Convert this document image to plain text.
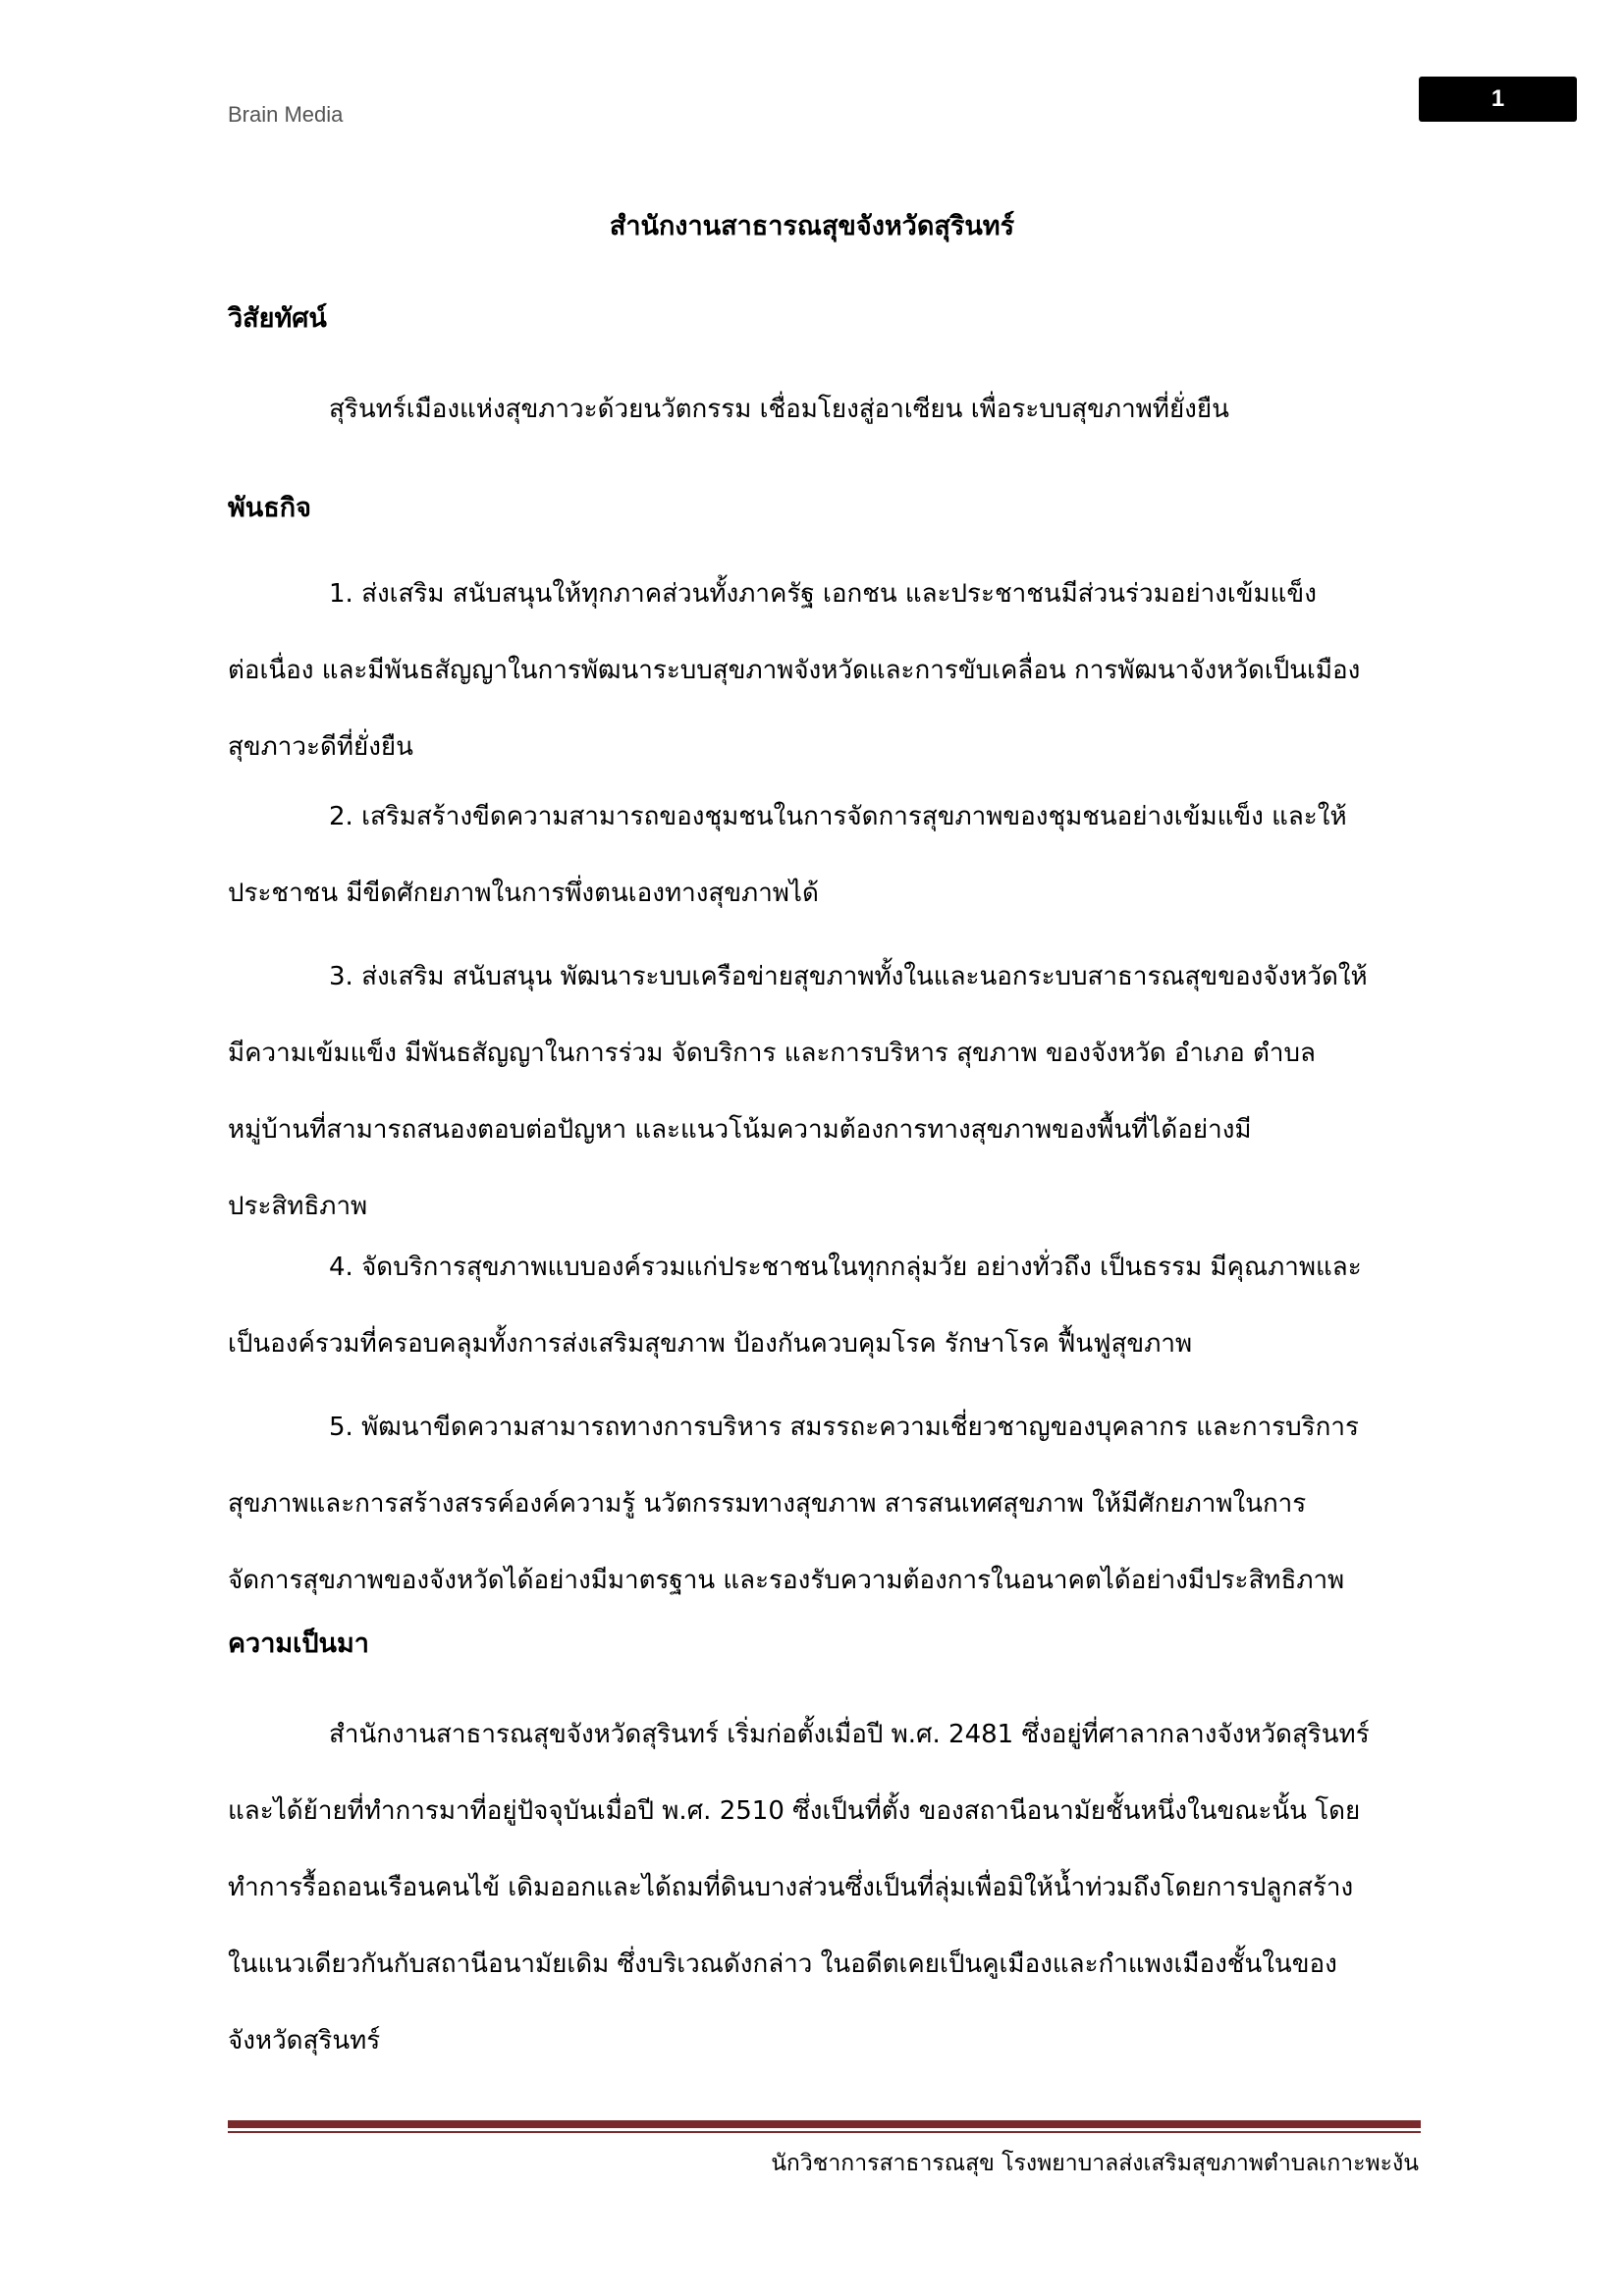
Brain Media
1
สำนักงานสาธารณสุขจังหวัดสุรินทร์
วิสัยทัศน์
สุรินทร์เมืองแห่งสุขภาวะด้วยนวัตกรรม เชื่อมโยงสู่อาเซียน เพื่อระบบสุขภาพที่ยั่งยืน
พันธกิจ
1. ส่งเสริม สนับสนุนให้ทุกภาคส่วนทั้งภาครัฐ เอกชน และประชาชนมีส่วนร่วมอย่างเข้มแข็ง
ต่อเนื่อง และมีพันธสัญญาในการพัฒนาระบบสุขภาพจังหวัดและการขับเคลื่อน การพัฒนาจังหวัดเป็นเมือง
สุขภาวะดีที่ยั่งยืน
2. เสริมสร้างขีดความสามารถของชุมชนในการจัดการสุขภาพของชุมชนอย่างเข้มแข็ง และให้
ประชาชน มีขีดศักยภาพในการพึ่งตนเองทางสุขภาพได้
3. ส่งเสริม สนับสนุน พัฒนาระบบเครือข่ายสุขภาพทั้งในและนอกระบบสาธารณสุขของจังหวัดให้
มีความเข้มแข็ง มีพันธสัญญาในการร่วม จัดบริการ และการบริหาร สุขภาพ ของจังหวัด อำเภอ ตำบล
หมู่บ้านที่สามารถสนองตอบต่อปัญหา และแนวโน้มความต้องการทางสุขภาพของพื้นที่ได้อย่างมี
ประสิทธิภาพ
4. จัดบริการสุขภาพแบบองค์รวมแก่ประชาชนในทุกกลุ่มวัย อย่างทั่วถึง เป็นธรรม มีคุณภาพและ
เป็นองค์รวมที่ครอบคลุมทั้งการส่งเสริมสุขภาพ ป้องกันควบคุมโรค รักษาโรค ฟื้นฟูสุขภาพ
5. พัฒนาขีดความสามารถทางการบริหาร สมรรถะความเชี่ยวชาญของบุคลากร และการบริการ
สุขภาพและการสร้างสรรค์องค์ความรู้ นวัตกรรมทางสุขภาพ สารสนเทศสุขภาพ ให้มีศักยภาพในการ
จัดการสุขภาพของจังหวัดได้อย่างมีมาตรฐาน และรองรับความต้องการในอนาคตได้อย่างมีประสิทธิภาพ
ความเป็นมา
สำนักงานสาธารณสุขจังหวัดสุรินทร์ เริ่มก่อตั้งเมื่อปี พ.ศ. 2481 ซึ่งอยู่ที่ศาลากลางจังหวัดสุรินทร์
และได้ย้ายที่ทำการมาที่อยู่ปัจจุบันเมื่อปี พ.ศ. 2510 ซึ่งเป็นที่ตั้ง ของสถานีอนามัยชั้นหนึ่งในขณะนั้น โดย
ทำการรื้อถอนเรือนคนไข้ เดิมออกและได้ถมที่ดินบางส่วนซึ่งเป็นที่ลุ่มเพื่อมิให้น้ำท่วมถึงโดยการปลูกสร้าง
ในแนวเดียวกันกับสถานีอนามัยเดิม ซึ่งบริเวณดังกล่าว ในอดีตเคยเป็นคูเมืองและกำแพงเมืองชั้นในของ
จังหวัดสุรินทร์
นักวิชาการสาธารณสุข โรงพยาบาลส่งเสริมสุขภาพตำบลเกาะพะงัน
